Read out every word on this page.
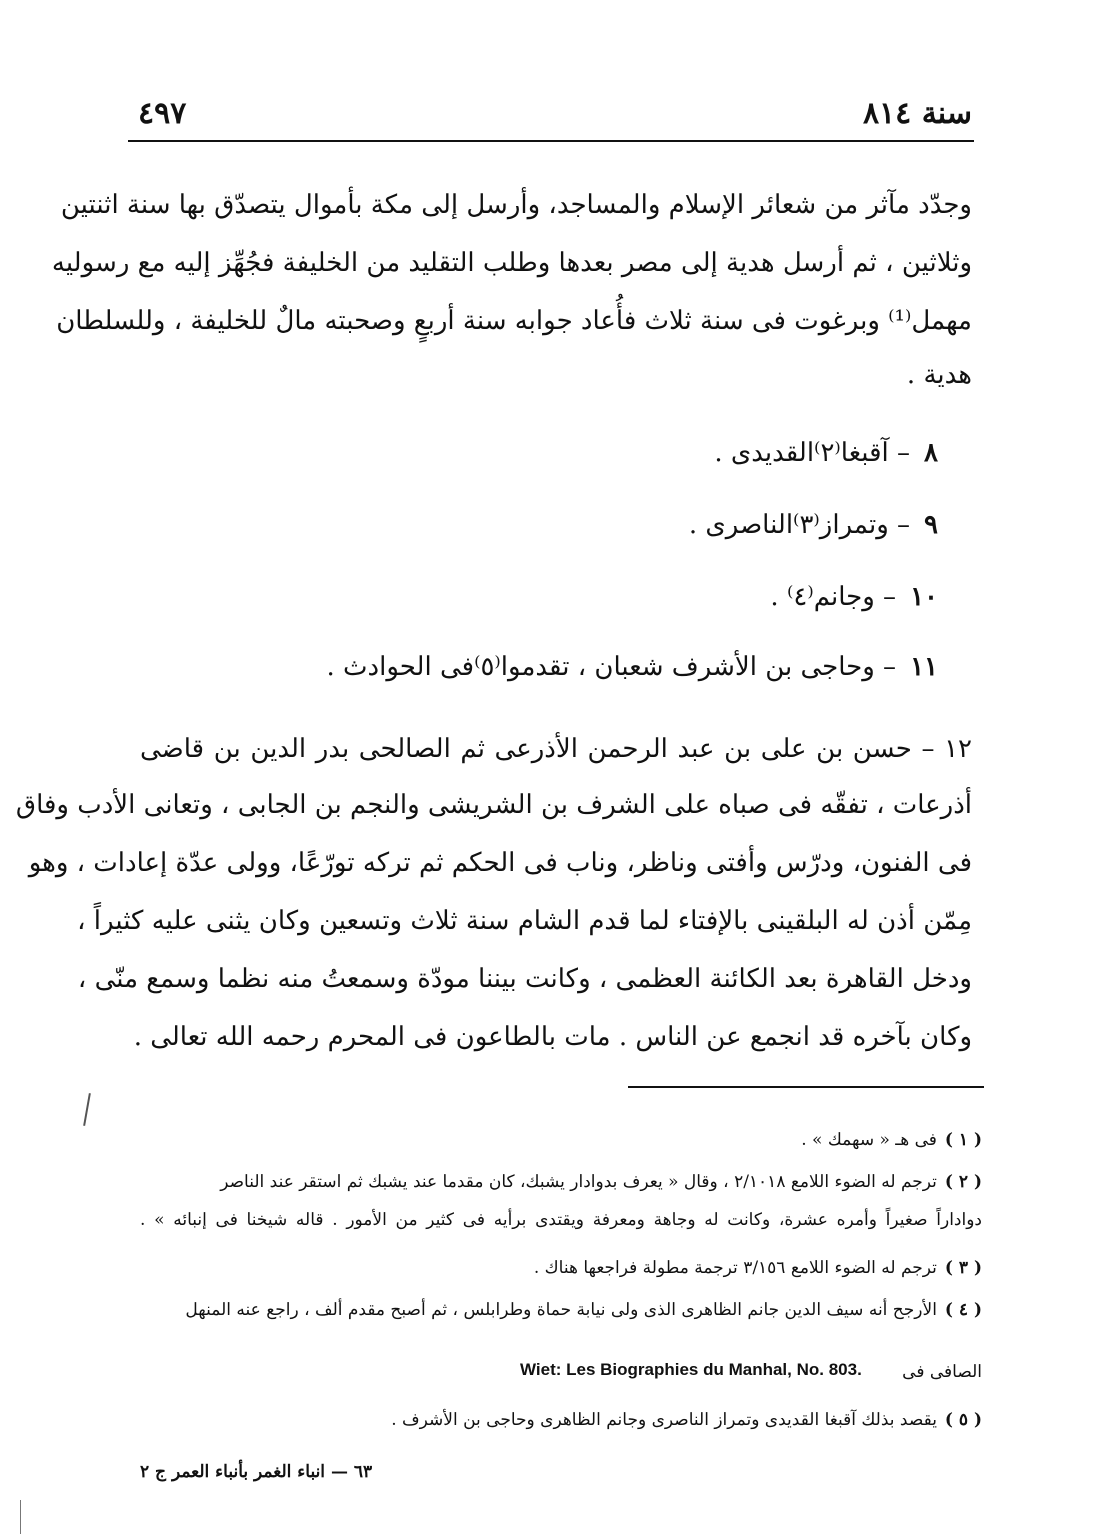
٤٩٧	سنة ٨١٤
وجدّد مآثر من شعائر الإسلام والمساجد، وأرسل إلى مكة بأموال يتصدّق بها سنة اثنتين
وثلاثين ، ثم أرسل هدية إلى مصر بعدها وطلب التقليد من الخليفة فجُهِّز إليه مع رسوليه
مهمل⁽¹⁾ وبرغوت فى سنة ثلاث فأُعاد جوابه سنة أربعٍ وصحبته مالٌ للخليفة ، وللسلطان
هدية .
٨– آقبغا⁽٢⁾القديدى .
٩– وتمراز⁽٣⁾الناصرى .
١٠– وجانم⁽٤⁾ .
١١– وحاجى بن الأشرف شعبان ، تقدموا⁽٥⁾فى الحوادث .
١٢ – حسن بن على بن عبد الرحمن الأذرعى ثم الصالحى بدر الدين بن قاضى
أذرعات ، تفقّه فى صباه على الشرف بن الشريشى والنجم بن الجابى ، وتعانى الأدب وفاق
فى الفنون، ودرّس وأفتى وناظر، وناب فى الحكم ثم تركه تورّعًا، وولى عدّة إعادات ، وهو
مِمّن أذن له البلقينى بالإفتاء لما قدم الشام سنة ثلاث وتسعين وكان يثنى عليه كثيراً ،
ودخل القاهرة بعد الكائنة العظمى ، وكانت بيننا مودّة وسمعتُ منه نظما وسمع منّى ،
وكان بآخره قد انجمع عن الناس . مات بالطاعون فى المحرم رحمه الله تعالى .
( ١ )فى هـ « سهمك » .
( ٢ )ترجم له الضوء اللامع ٢/١٠١٨ ، وقال « يعرف بدوادار يشبك، كان مقدما عند يشبك ثم استقر عند الناصر
دواداراً صغيراً وأمره عشرة، وكانت له وجاهة ومعرفة ويقتدى برأيه فى كثير من الأمور . قاله شيخنا فى إنبائه » .
( ٣ )ترجم له الضوء اللامع ٣/١٥٦ ترجمة مطولة فراجعها هناك .
( ٤ )الأرجح أنه سيف الدين جانم الظاهرى الذى ولى نيابة حماة وطرابلس ، ثم أصبح مقدم ألف ، راجع عنه المنهل
الصافى فى
Wiet: Les Biographies du Manhal, No. 803.
( ٥ )يقصد بذلك آقبغا القديدى وتمراز الناصرى وجانم الظاهرى وحاجى بن الأشرف .
٦٣ — انباء الغمر بأنباء العمر ج ٢
